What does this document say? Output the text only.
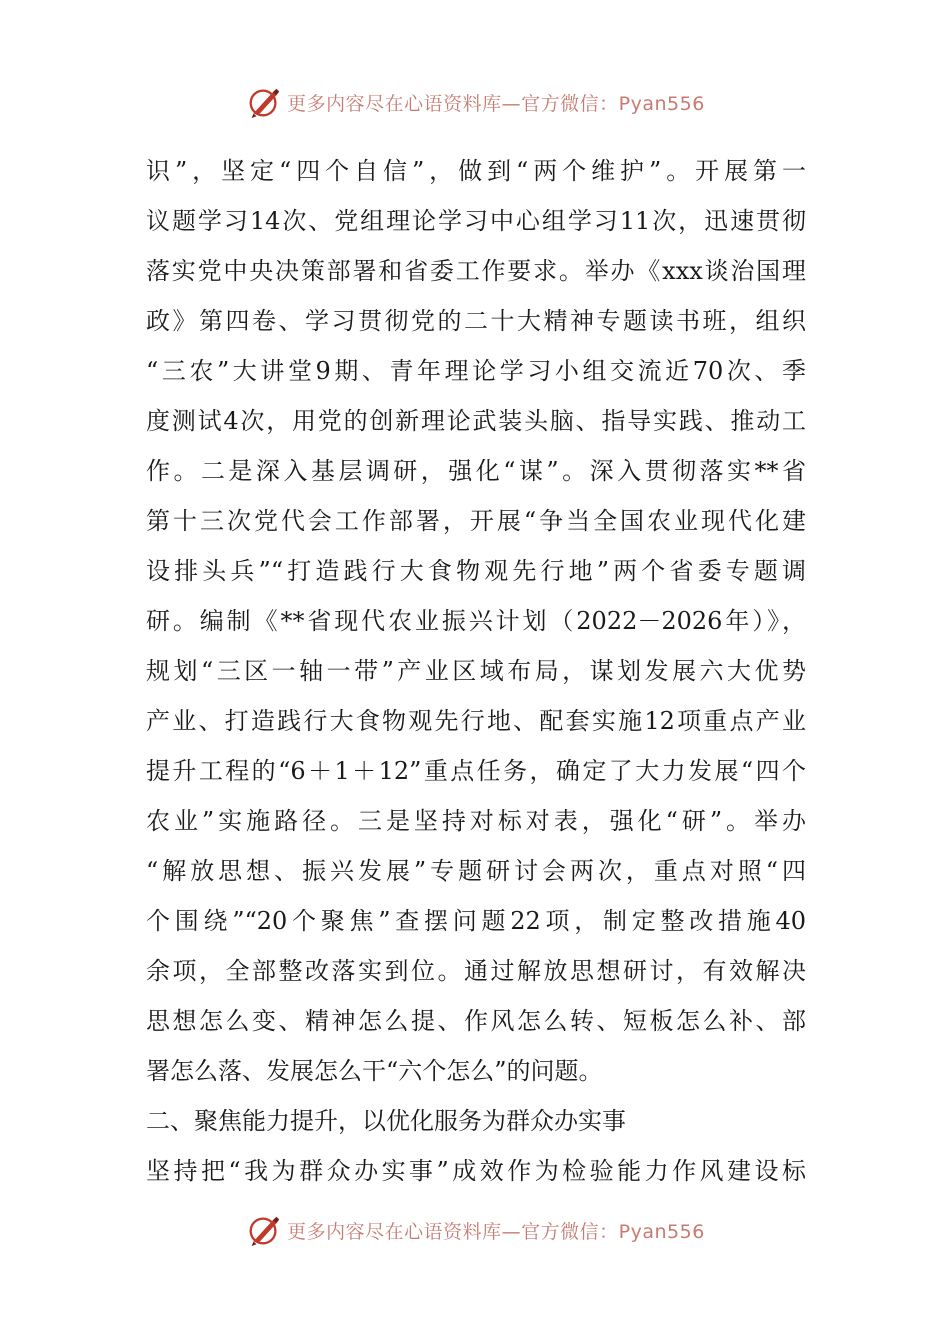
更多内容尽在心语资料库—官方微信：Pyan556
识”，坚定“四个自信”，做到“两个维护”。开展第一
议题学习14次、党组理论学习中心组学习11次，迅速贯彻
落实党中央决策部署和省委工作要求。举办《xxx谈治国理
政》第四卷、学习贯彻党的二十大精神专题读书班，组织
“三农”大讲堂9期、青年理论学习小组交流近70次、季
度测试4次，用党的创新理论武装头脑、指导实践、推动工
作。二是深入基层调研，强化“谋”。深入贯彻落实**省
第十三次党代会工作部署，开展“争当全国农业现代化建
设排头兵”“打造践行大食物观先行地”两个省委专题调
研。编制《**省现代农业振兴计划（2022－2026年）》，
规划“三区一轴一带”产业区域布局，谋划发展六大优势
产业、打造践行大食物观先行地、配套实施12项重点产业
提升工程的“6＋1＋12”重点任务，确定了大力发展“四个
农业”实施路径。三是坚持对标对表，强化“研”。举办
“解放思想、振兴发展”专题研讨会两次，重点对照“四
个围绕”“20个聚焦”查摆问题22项，制定整改措施40
余项，全部整改落实到位。通过解放思想研讨，有效解决
思想怎么变、精神怎么提、作风怎么转、短板怎么补、部
署怎么落、发展怎么干“六个怎么”的问题。
二、聚焦能力提升，以优化服务为群众办实事
坚持把“我为群众办实事”成效作为检验能力作风建设标
更多内容尽在心语资料库—官方微信：Pyan556
